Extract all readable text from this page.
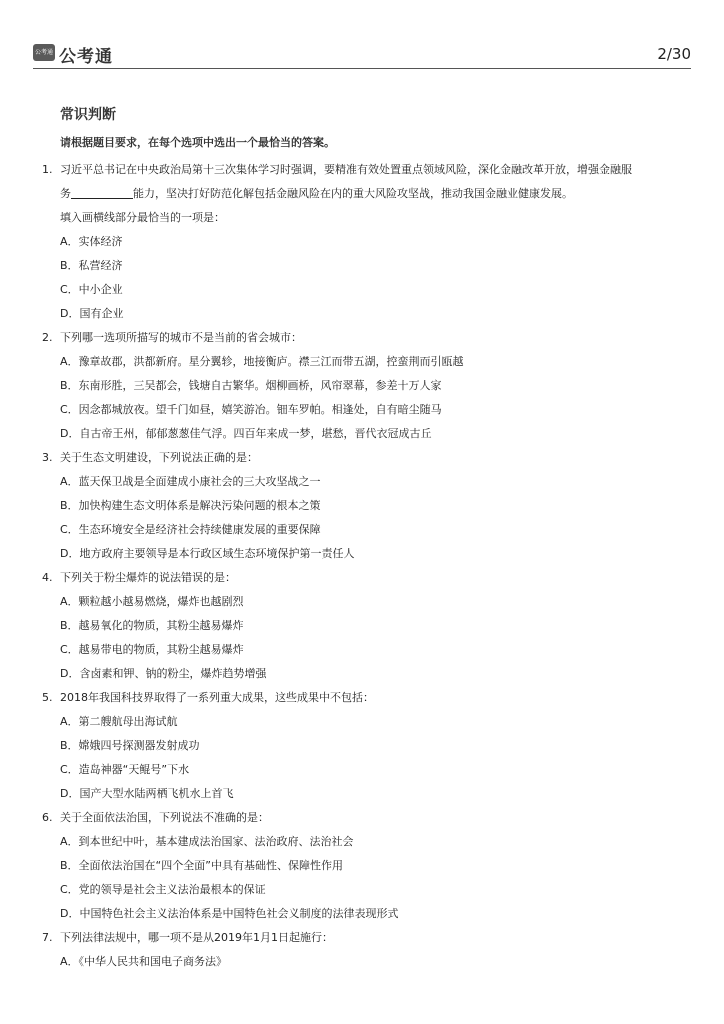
公考通 公考通	2/30
常识判断
请根据题目要求，在每个选项中选出一个最恰当的答案。
1. 习近平总书记在中央政治局第十三次集体学习时强调，要精准有效处置重点领域风险，深化金融改革开放，增强金融服
务	能力，坚决打好防范化解包括金融风险在内的重大风险攻坚战，推动我国金融业健康发展。
填入画横线部分最恰当的一项是：
A．实体经济
B．私营经济
C．中小企业
D．国有企业
2. 下列哪一选项所描写的城市不是当前的省会城市：
A．豫章故郡，洪都新府。星分翼轸，地接衡庐。襟三江而带五湖，控蛮荆而引瓯越
B．东南形胜，三吴都会，钱塘自古繁华。烟柳画桥，风帘翠幕，参差十万人家
C．因念都城放夜。望千门如昼，嬉笑游冶。钿车罗帕。相逢处，自有暗尘随马
D．自古帝王州，郁郁葱葱佳气浮。四百年来成一梦，堪愁，晋代衣冠成古丘
3. 关于生态文明建设，下列说法正确的是：
A．蓝天保卫战是全面建成小康社会的三大攻坚战之一
B．加快构建生态文明体系是解决污染问题的根本之策
C．生态环境安全是经济社会持续健康发展的重要保障
D．地方政府主要领导是本行政区域生态环境保护第一责任人
4. 下列关于粉尘爆炸的说法错误的是：
A．颗粒越小越易燃烧，爆炸也越剧烈
B．越易氧化的物质，其粉尘越易爆炸
C．越易带电的物质，其粉尘越易爆炸
D．含卤素和钾、钠的粉尘，爆炸趋势增强
5. 2018年我国科技界取得了一系列重大成果，这些成果中不包括：
A．第二艘航母出海试航
B．嫦娥四号探测器发射成功
C．造岛神器“天鲲号”下水
D．国产大型水陆两栖飞机水上首飞
6. 关于全面依法治国，下列说法不准确的是：
A．到本世纪中叶，基本建成法治国家、法治政府、法治社会
B．全面依法治国在“四个全面”中具有基础性、保障性作用
C．党的领导是社会主义法治最根本的保证
D．中国特色社会主义法治体系是中国特色社会义制度的法律表现形式
7. 下列法律法规中，哪一项不是从2019年1月1日起施行：
A．《中华人民共和国电子商务法》
